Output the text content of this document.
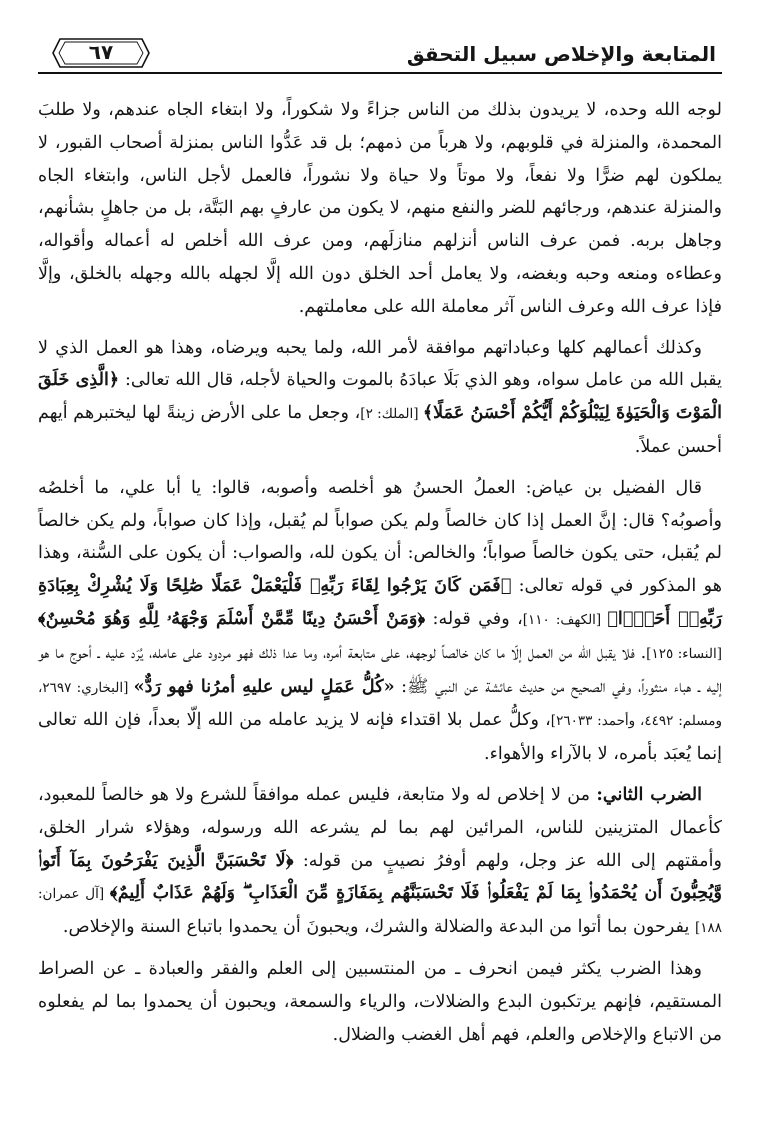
المتابعة والإخلاص سبيل التحقق
٦٧

لوجه الله وحده، لا يريدون بذلك من الناس جزاءً ولا شكوراً، ولا ابتغاء الجاه عندهم، ولا طلبَ المحمدة، والمنزلة في قلوبهم، ولا هرباً من ذمهم؛ بل قد عَدُّوا الناس بمنزلة أصحاب القبور، لا يملكون لهم ضرًّا ولا نفعاً، ولا موتاً ولا حياة ولا نشوراً، فالعمل لأجل الناس، وابتغاء الجاه والمنزلة عندهم، ورجائهم للضر والنفع منهم، لا يكون من عارفٍ بهم البَتَّة، بل من جاهلٍ بشأنهم، وجاهل بربه. فمن عرف الناس أنزلهم منازلَهم، ومن عرف الله أخلص له أعماله وأقواله، وعطاءه ومنعه وحبه وبغضه، ولا يعامل أحد الخلق دون الله إلَّا لجهله بالله وجهله بالخلق، وإلَّا فإذا عرف الله وعرف الناس آثر معاملة الله على معاملتهم.

وكذلك أعمالهم كلها وعباداتهم موافقة لأمر الله، ولما يحبه ويرضاه، وهذا هو العمل الذي لا يقبل الله من عامل سواه، وهو الذي بَلَا عبادَهُ بالموت والحياة لأجله، قال الله تعالى: ﴿الَّذِى خَلَقَ الْمَوْتَ وَالْحَيَوٰةَ لِيَبْلُوَكُمْ أَيُّكُمْ أَحْسَنُ عَمَلًا﴾ [الملك: ٢]، وجعل ما على الأرض زينةً لها ليختبرهم أيهم أحسن عملاً.

قال الفضيل بن عياض: العملُ الحسنُ هو أخلصه وأصوبه، قالوا: يا أبا علي، ما أخلصُه وأصوبُه؟ قال: إنَّ العمل إذا كان خالصاً ولم يكن صواباً لم يُقبل، وإذا كان صواباً، ولم يكن خالصاً لم يُقبل، حتى يكون خالصاً صواباً؛ والخالص: أن يكون لله، والصواب: أن يكون على السُّنة، وهذا هو المذكور في قوله تعالى: ﴿فَمَن كَانَ يَرْجُوا لِقَاءَ رَبِّهِۦ فَلْيَعْمَلْ عَمَلًا صَٰلِحًا وَلَا يُشْرِكْ بِعِبَادَةِ رَبِّهِۦٓ أَحَدًۢا﴾ [الكهف: ١١٠]، وفي قوله: ﴿وَمَنْ أَحْسَنُ دِينًا مِّمَّنْ أَسْلَمَ وَجْهَهُۥ لِلَّهِ وَهُوَ مُحْسِنٌ﴾ [النساء: ١٢٥]. فلا يقبل الله من العمل إلّا ما كان خالصاً لوجهه، على متابعة أمره، وما عدا ذلك فهو مردود على عامله، يُرَد عليه ـ أحوج ما هو إليه ـ هباء منثوراً، وفي الصحيح من حديث عائشة عن النبي ﷺ: «كُلُّ عَمَلٍ ليس عليهِ أمرُنا فهو رَدٌّ» [البخاري: ٢٦٩٧، ومسلم: ٤٤٩٢، وأحمد: ٢٦٠٣٣]، وكلُّ عمل بلا اقتداء فإنه لا يزيد عامله من الله إلّا بعداً، فإن الله تعالى إنما يُعبَد بأمره، لا بالآراء والأهواء.

الضرب الثاني: من لا إخلاص له ولا متابعة، فليس عمله موافقاً للشرع ولا هو خالصاً للمعبود، كأعمال المتزينين للناس، المرائين لهم بما لم يشرعه الله ورسوله، وهؤلاء شرار الخلق، وأمقتهم إلى الله عز وجل، ولهم أوفرُ نصيبٍ من قوله: ﴿لَا تَحْسَبَنَّ الَّذِينَ يَفْرَحُونَ بِمَآ أَتَوا۟ وَّيُحِبُّونَ أَن يُحْمَدُوا۟ بِمَا لَمْ يَفْعَلُوا۟ فَلَا تَحْسَبَنَّهُم بِمَفَازَةٍ مِّنَ الْعَذَابِ ۖ وَلَهُمْ عَذَابٌ أَلِيمٌ﴾ [آل عمران: ١٨٨] يفرحون بما أتوا من البدعة والضلالة والشرك، ويحبونَ أن يحمدوا باتباع السنة والإخلاص.

وهذا الضرب يكثر فيمن انحرف ـ من المنتسبين إلى العلم والفقر والعبادة ـ عن الصراط المستقيم، فإنهم يرتكبون البدع والضلالات، والرياء والسمعة، ويحبون أن يحمدوا بما لم يفعلوه من الاتباع والإخلاص والعلم، فهم أهل الغضب والضلال.
